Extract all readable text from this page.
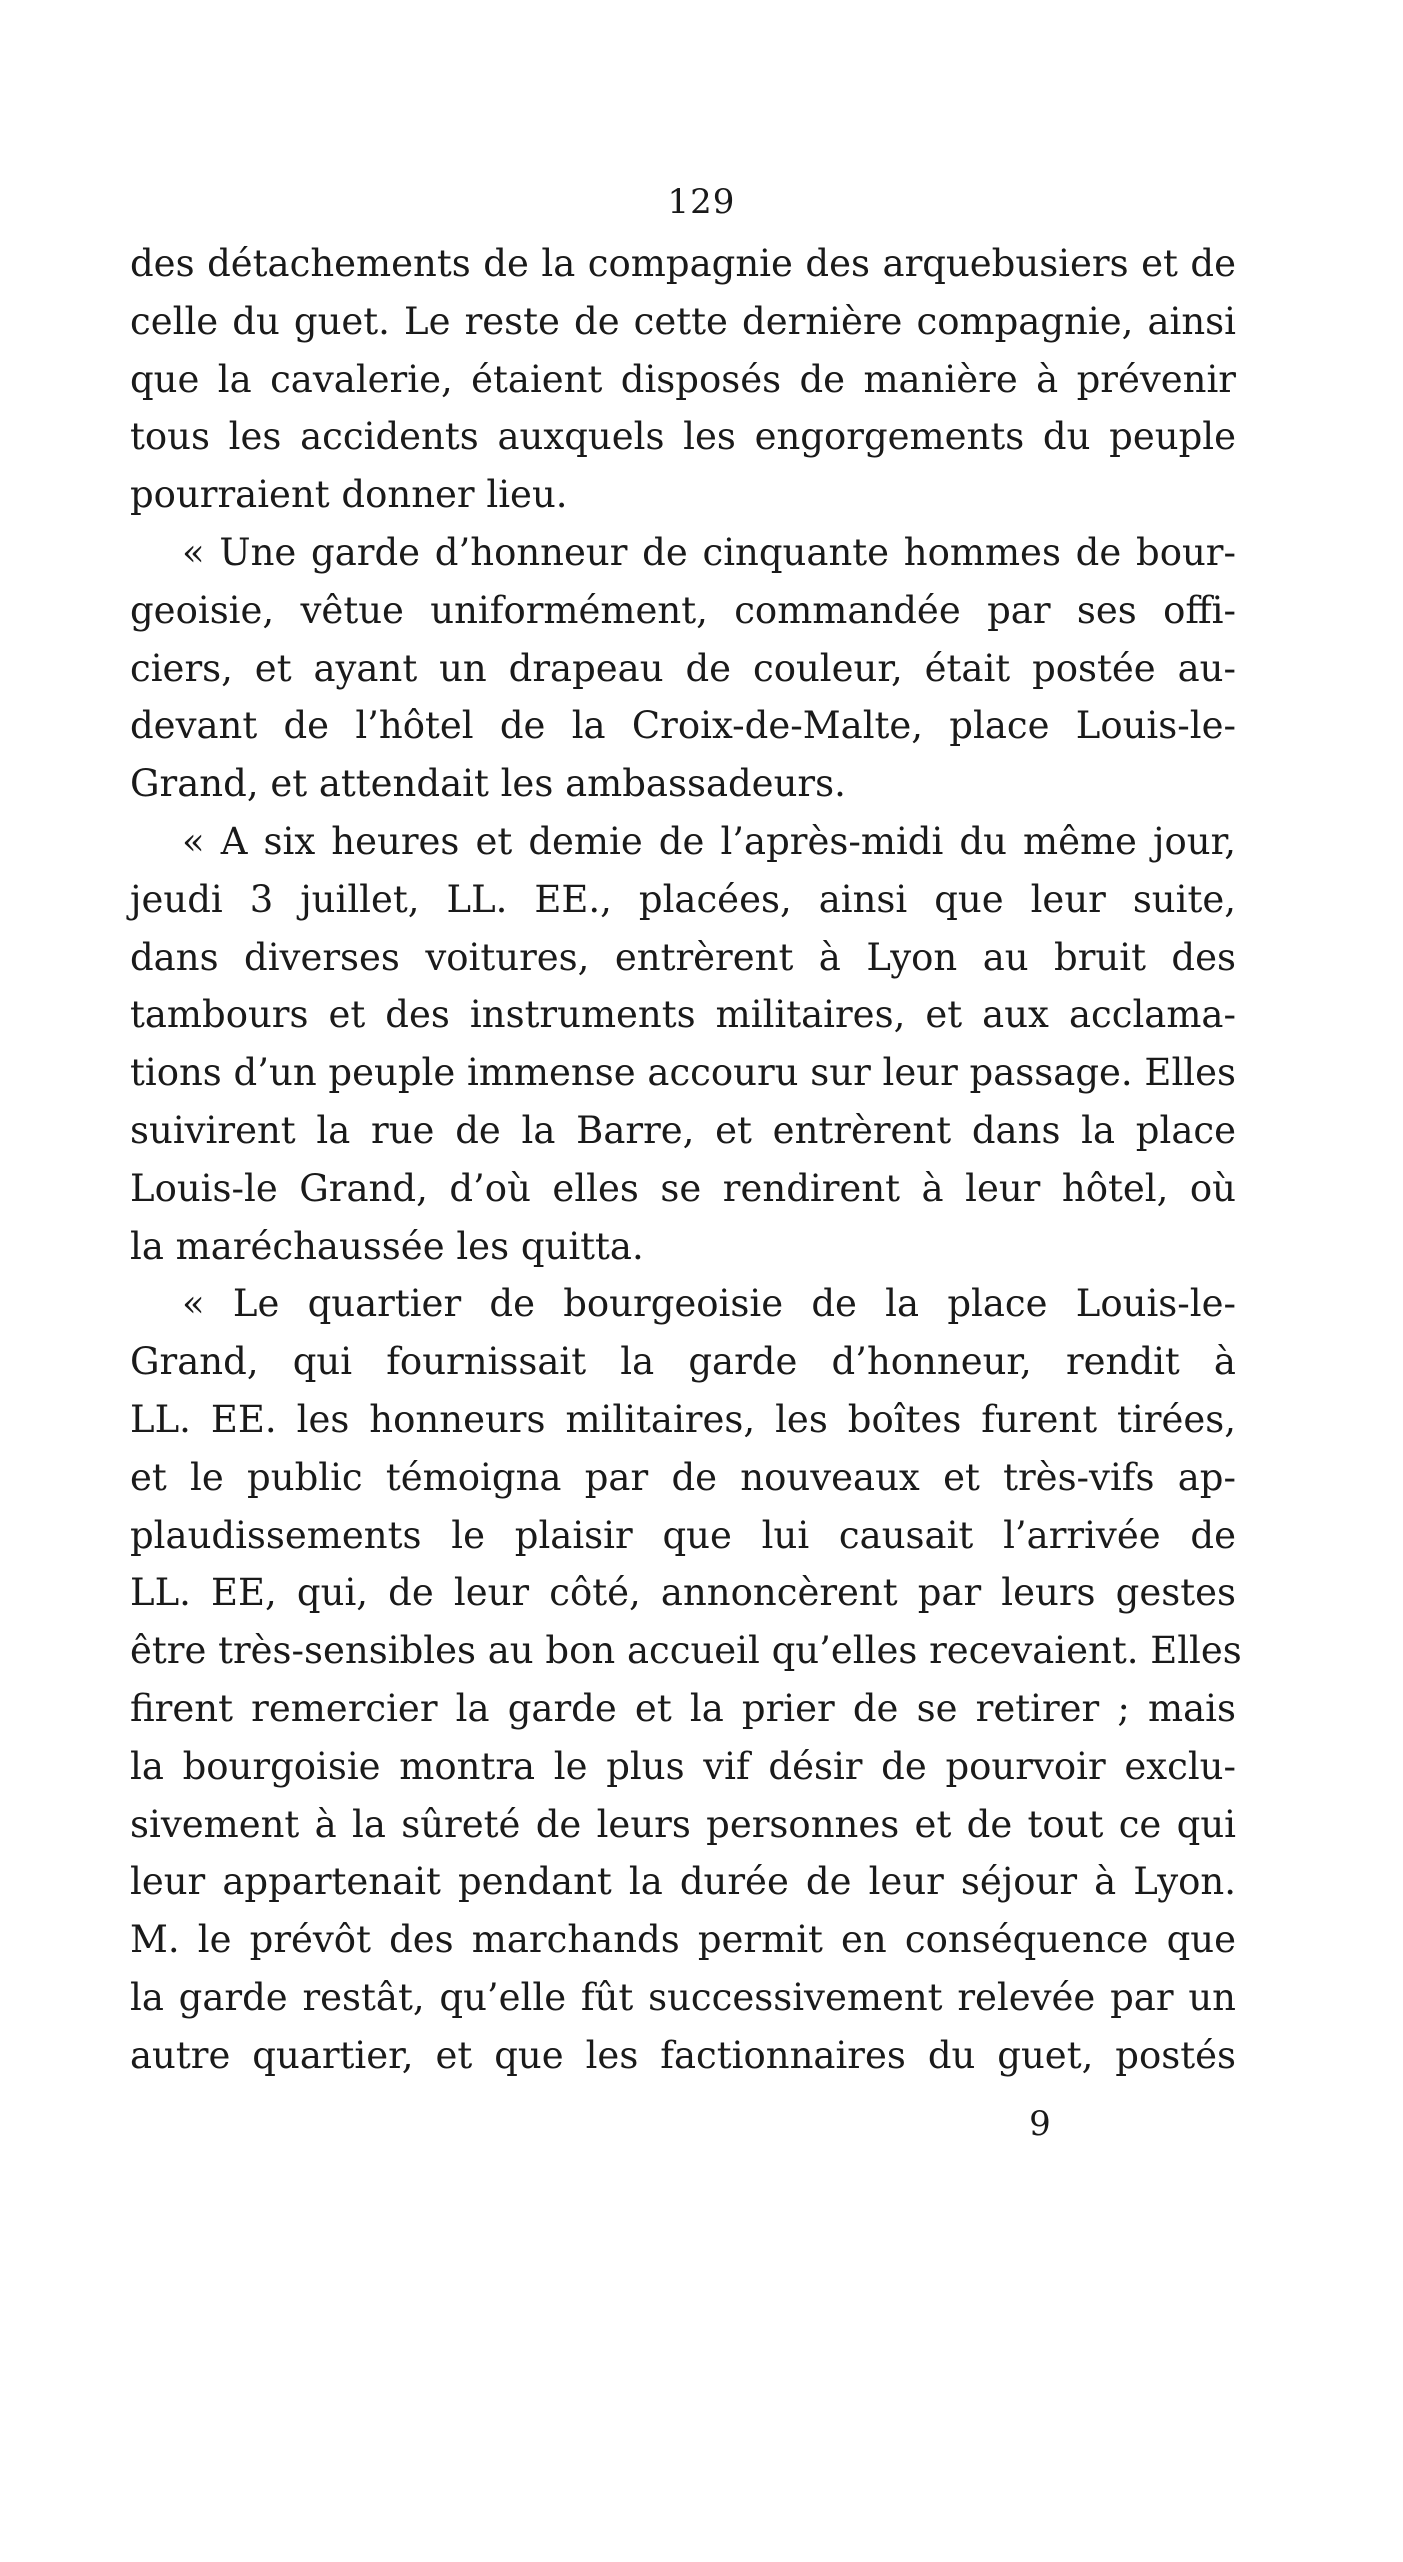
129
des détachements de la compagnie des arquebusiers et de
celle du guet. Le reste de cette dernière compagnie, ainsi
que la cavalerie, étaient disposés de manière à prévenir
tous les accidents auxquels les engorgements du peuple
pourraient donner lieu.
« Une garde d’honneur de cinquante hommes de bour-
geoisie, vêtue uniformément, commandée par ses offi-
ciers, et ayant un drapeau de couleur, était postée au-
devant de l’hôtel de la Croix-de-Malte, place Louis-le-
Grand, et attendait les ambassadeurs.
« A six heures et demie de l’après-midi du même jour,
jeudi 3 juillet, LL. EE., placées, ainsi que leur suite,
dans diverses voitures, entrèrent à Lyon au bruit des
tambours et des instruments militaires, et aux acclama-
tions d’un peuple immense accouru sur leur passage. Elles
suivirent la rue de la Barre, et entrèrent dans la place
Louis-le Grand, d’où elles se rendirent à leur hôtel, où
la maréchaussée les quitta.
« Le quartier de bourgeoisie de la place Louis-le-
Grand, qui fournissait la garde d’honneur, rendit à
LL. EE. les honneurs militaires, les boîtes furent tirées,
et le public témoigna par de nouveaux et très-vifs ap-
plaudissements le plaisir que lui causait l’arrivée de
LL. EE, qui, de leur côté, annoncèrent par leurs gestes
être très-sensibles au bon accueil qu’elles recevaient. Elles
firent remercier la garde et la prier de se retirer ; mais
la bourgoisie montra le plus vif désir de pourvoir exclu-
sivement à la sûreté de leurs personnes et de tout ce qui
leur appartenait pendant la durée de leur séjour à Lyon.
M. le prévôt des marchands permit en conséquence que
la garde restât, qu’elle fût successivement relevée par un
autre quartier, et que les factionnaires du guet, postés
9
